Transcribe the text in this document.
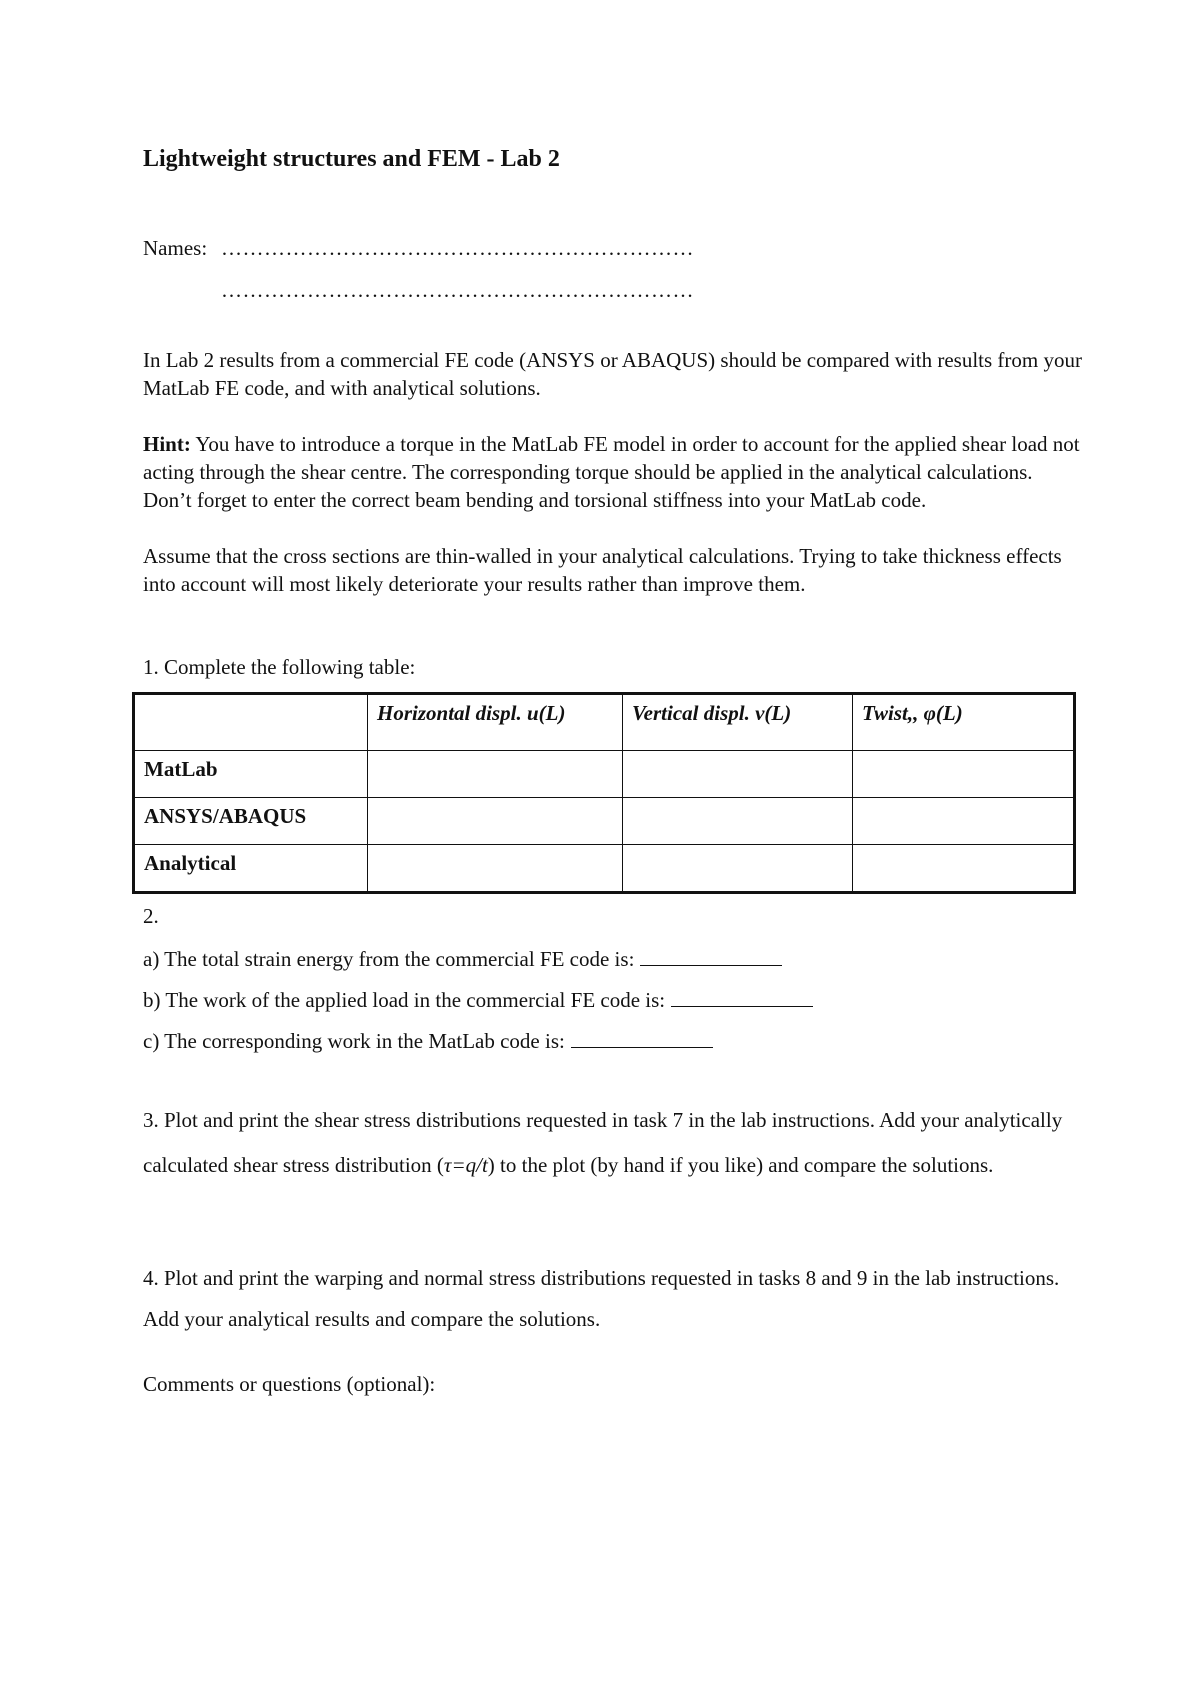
Lightweight structures and FEM - Lab 2
Names: …………………………………………………………
…………………………………………………………
In Lab 2 results from a commercial FE code (ANSYS or ABAQUS) should be compared with results from your MatLab FE code, and with analytical solutions.
Hint: You have to introduce a torque in the MatLab FE model in order to account for the applied shear load not acting through the shear centre. The corresponding torque should be applied in the analytical calculations. Don’t forget to enter the correct beam bending and torsional stiffness into your MatLab code.
Assume that the cross sections are thin-walled in your analytical calculations. Trying to take thickness effects into account will most likely deteriorate your results rather than improve them.
1. Complete the following table:
	Horizontal displ. u(L)	Vertical displ. v(L)	Twist,, φ(L)
MatLab			
ANSYS/ABAQUS			
Analytical			
2.
a) The total strain energy from the commercial FE code is:
b) The work of the applied load in the commercial FE code is:
c) The corresponding work in the MatLab code is:
3. Plot and print the shear stress distributions requested in task 7 in the lab instructions. Add your analytically calculated shear stress distribution (τ=q/t) to the plot (by hand if you like) and compare the solutions.
4. Plot and print the warping and normal stress distributions requested in tasks 8 and 9 in the lab instructions. Add your analytical results and compare the solutions.
Comments or questions (optional):
